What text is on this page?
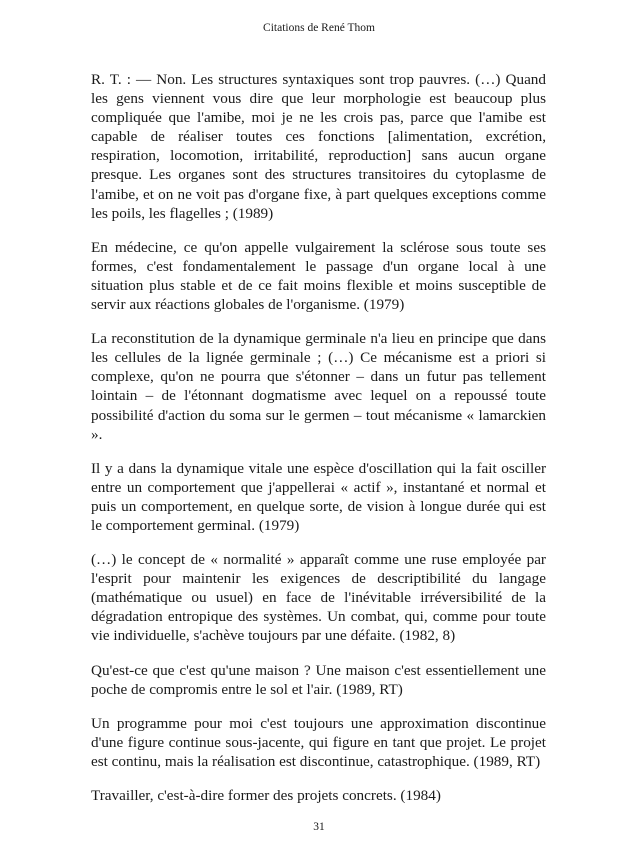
Citations de René Thom

R. T. : — Non. Les structures syntaxiques sont trop pauvres. (…) Quand les gens viennent vous dire que leur morphologie est beaucoup plus compliquée que l'amibe, moi je ne les crois pas, parce que l'amibe est capable de réaliser toutes ces fonctions [alimentation, excrétion, respiration, locomotion, irritabilité, reproduction] sans aucun organe presque. Les organes sont des structures transitoires du cytoplasme de l'amibe, et on ne voit pas d'organe fixe, à part quelques exceptions comme les poils, les flagelles ; (1989)

En médecine, ce qu'on appelle vulgairement la sclérose sous toute ses formes, c'est fondamentalement le passage d'un organe local à une situation plus stable et de ce fait moins flexible et moins susceptible de servir aux réactions globales de l'organisme. (1979)

La reconstitution de la dynamique germinale n'a lieu en principe que dans les cellules de la lignée germinale ; (…) Ce mécanisme est a priori si complexe, qu'on ne pourra que s'étonner – dans un futur pas tellement lointain – de l'étonnant dogmatisme avec lequel on a repoussé toute possibilité d'action du soma sur le germen – tout mécanisme « lamarckien ».

Il y a dans la dynamique vitale une espèce d'oscillation qui la fait osciller entre un comportement que j'appellerai « actif », instantané et normal et puis un comportement, en quelque sorte, de vision à longue durée qui est le comportement germinal. (1979)

(…) le concept de « normalité » apparaît comme une ruse employée par l'esprit pour maintenir les exigences de descriptibilité du langage (mathématique ou usuel) en face de l'inévitable irréversibilité de la dégradation entropique des systèmes. Un combat, qui, comme pour toute vie individuelle, s'achève toujours par une défaite. (1982, 8)

Qu'est-ce que c'est qu'une maison ? Une maison c'est essentiellement une poche de compromis entre le sol et l'air. (1989, RT)

Un programme pour moi c'est toujours une approximation discontinue d'une figure continue sous-jacente, qui figure en tant que projet. Le projet est continu, mais la réalisation est discontinue, catastrophique. (1989, RT)

Travailler, c'est-à-dire former des projets concrets. (1984)

31
